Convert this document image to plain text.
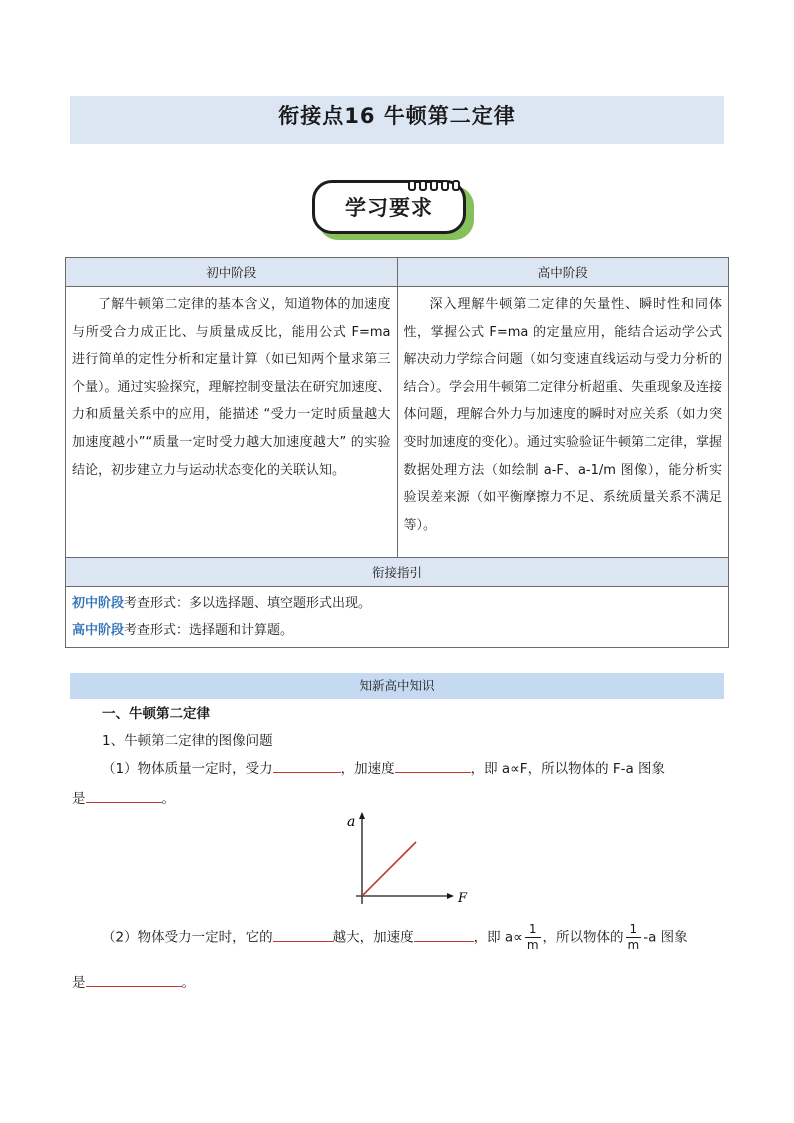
衔接点16 牛顿第二定律
学习要求
初中阶段	高中阶段
了解牛顿第二定律的基本含义，知道物体的加速度与所受合力成正比、与质量成反比，能用公式 F=ma 进行简单的定性分析和定量计算（如已知两个量求第三个量）。通过实验探究，理解控制变量法在研究加速度、力和质量关系中的应用，能描述 “受力一定时质量越大加速度越小”“质量一定时受力越大加速度越大” 的实验结论，初步建立力与运动状态变化的关联认知。	深入理解牛顿第二定律的矢量性、瞬时性和同体性，掌握公式 F=ma 的定量应用，能结合运动学公式解决动力学综合问题（如匀变速直线运动与受力分析的结合）。学会用牛顿第二定律分析超重、失重现象及连接体问题，理解合外力与加速度的瞬时对应关系（如力突变时加速度的变化）。通过实验验证牛顿第二定律，掌握数据处理方法（如绘制 a-F、a-1/m 图像），能分析实验误差来源（如平衡摩擦力不足、系统质量关系不满足等）。
衔接指引	

初中阶段考查形式：多以选择题、填空题形式出现。
高中阶段考查形式：选择题和计算题。	
知新高中知识
一、牛顿第二定律
1、牛顿第二定律的图像问题
（1）物体质量一定时，受力	，加速度	，即 a∝F，所以物体的 F-a 图象
是	。
a
F
（2）物体受力一定时，它的	越大，加速度	，即 $a\propto \frac{1}{m}$ ，所以物体的 $\frac{1}{m} -a$ 图象
是	。
